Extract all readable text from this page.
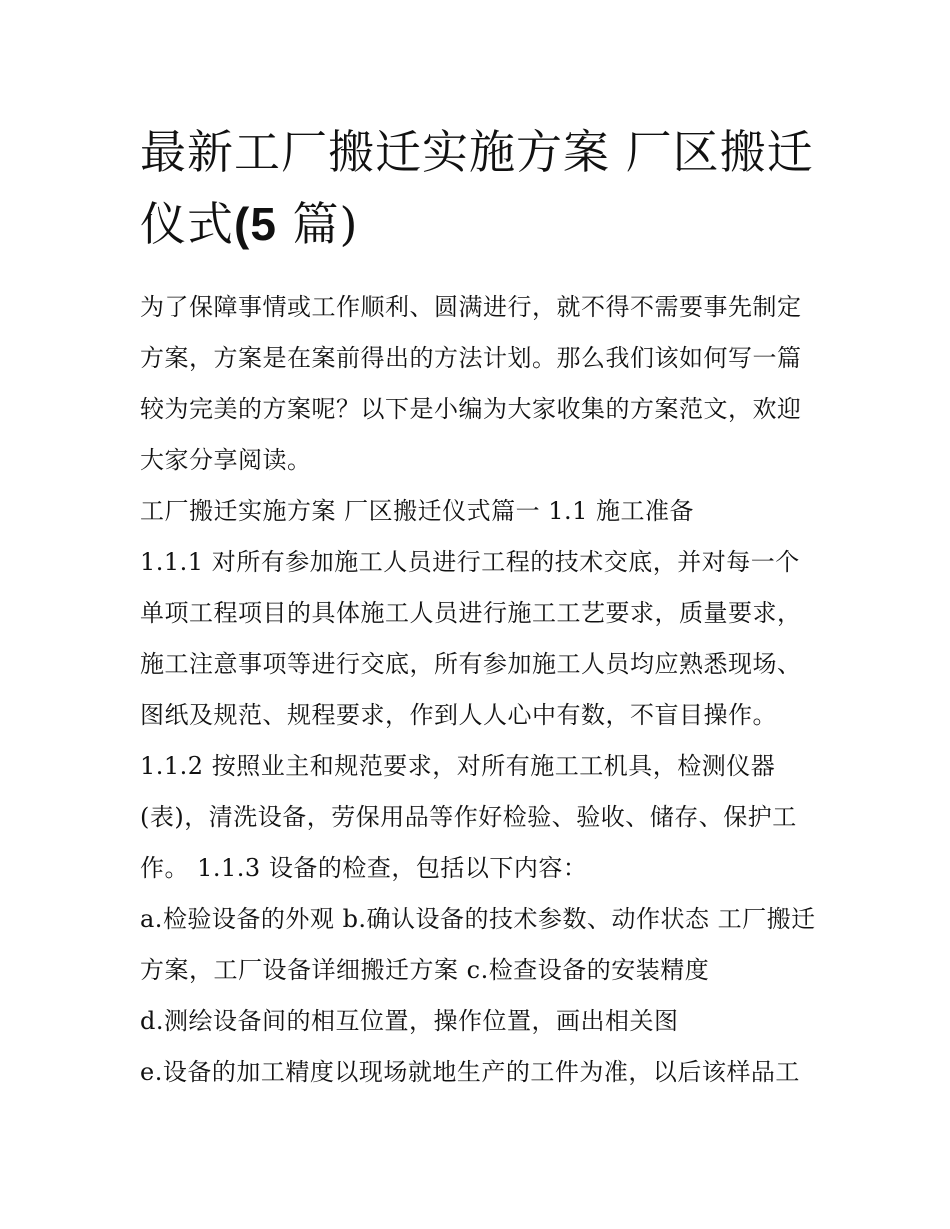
最新工厂搬迁实施方案 厂区搬迁仪式(5 篇)

为了保障事情或工作顺利、圆满进行，就不得不需要事先制定方案，方案是在案前得出的方法计划。那么我们该如何写一篇较为完美的方案呢？以下是小编为大家收集的方案范文，欢迎大家分享阅读。

工厂搬迁实施方案 厂区搬迁仪式篇一 1.1 施工准备

1.1.1 对所有参加施工人员进行工程的技术交底，并对每一个单项工程项目的具体施工人员进行施工工艺要求，质量要求，施工注意事项等进行交底，所有参加施工人员均应熟悉现场、图纸及规范、规程要求，作到人人心中有数，不盲目操作。

1.1.2 按照业主和规范要求，对所有施工工机具，检测仪器(表)，清洗设备，劳保用品等作好检验、验收、储存、保护工作。 1.1.3 设备的检查，包括以下内容：

a.检验设备的外观 b.确认设备的技术参数、动作状态 工厂搬迁方案，工厂设备详细搬迁方案 c.检查设备的安装精度

d.测绘设备间的相互位置，操作位置，画出相关图

e.设备的加工精度以现场就地生产的工件为准，以后该样品工
